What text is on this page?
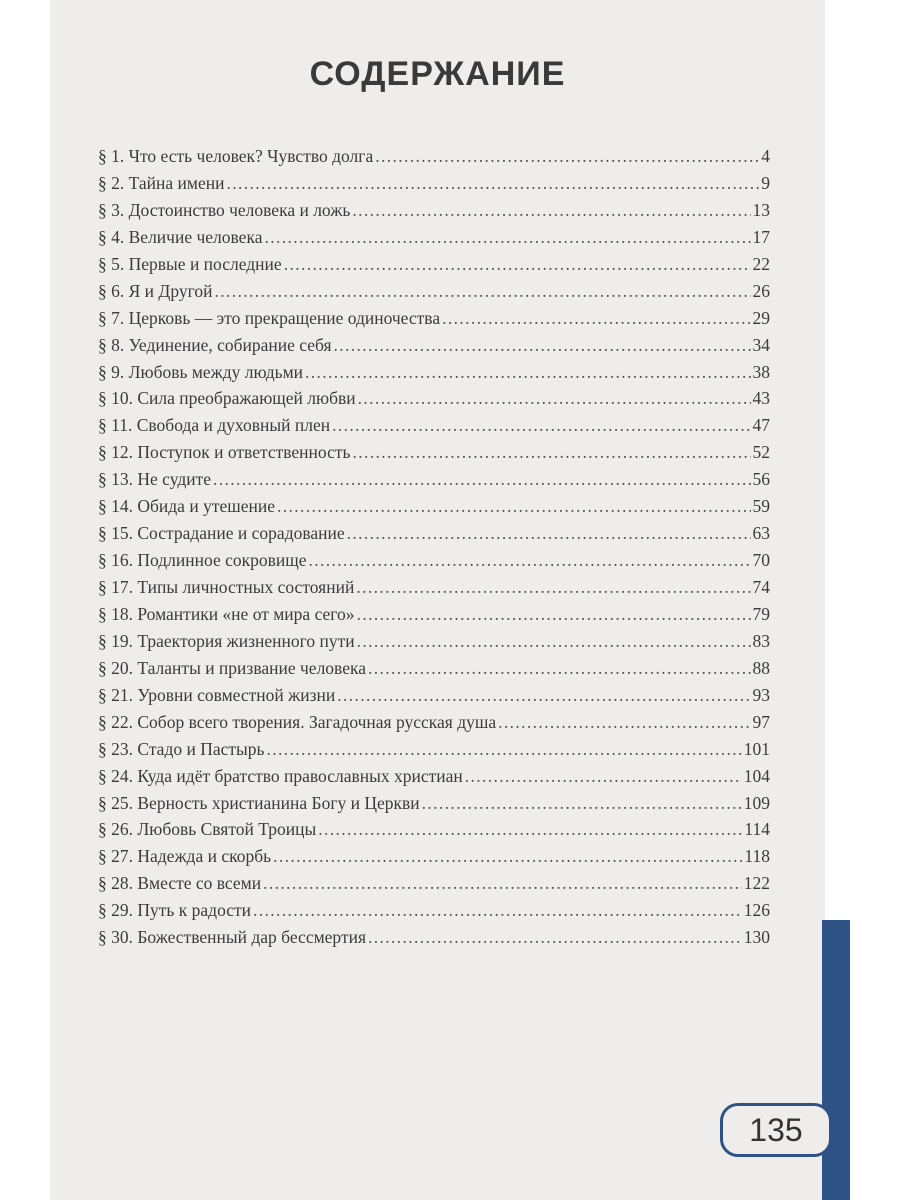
СОДЕРЖАНИЕ
§ 1. Что есть человек? Чувство долга . . .	4
§ 2. Тайна имени . . .	9
§ 3. Достоинство человека и ложь . . .	13
§ 4. Величие человека . . .	17
§ 5. Первые и последние . . .	22
§ 6. Я и Другой . . .	26
§ 7. Церковь — это прекращение одиночества . . .	29
§ 8. Уединение, собирание себя . . .	34
§ 9. Любовь между людьми . . .	38
§ 10. Сила преображающей любви . . .	43
§ 11. Свобода и духовный плен . . .	47
§ 12. Поступок и ответственность . . .	52
§ 13. Не судите . . .	56
§ 14. Обида и утешение . . .	59
§ 15. Сострадание и сорадование . . .	63
§ 16. Подлинное сокровище . . .	70
§ 17. Типы личностных состояний . . .	74
§ 18. Романтики «не от мира сего» . . .	79
§ 19. Траектория жизненного пути . . .	83
§ 20. Таланты и призвание человека . . .	88
§ 21. Уровни совместной жизни . . .	93
§ 22. Собор всего творения. Загадочная русская душа . . .	97
§ 23. Стадо и Пастырь . . .	101
§ 24. Куда идёт братство православных христиан . . .	104
§ 25. Верность христианина Богу и Церкви . . .	109
§ 26. Любовь Святой Троицы . . .	114
§ 27. Надежда и скорбь . . .	118
§ 28. Вместе со всеми . . .	122
§ 29. Путь к радости . . .	126
§ 30. Божественный дар бессмертия . . .	130
135
